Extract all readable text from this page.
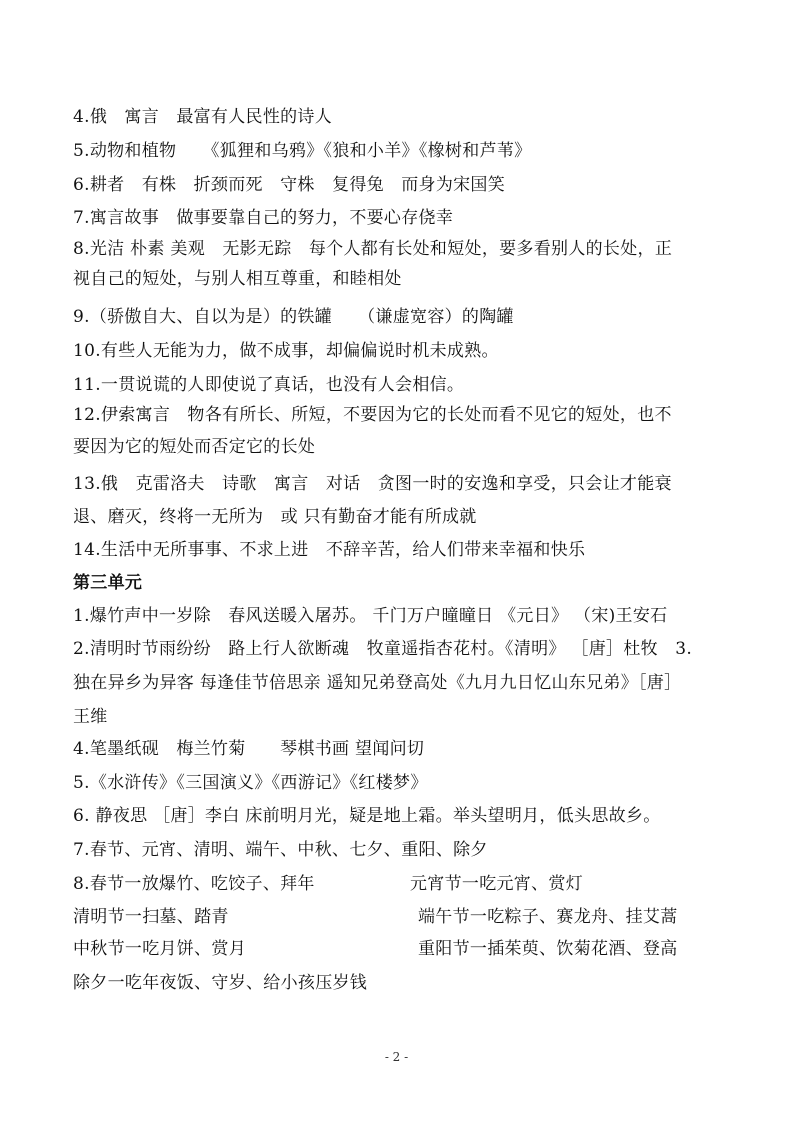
4.俄　寓言　最富有人民性的诗人
5.动物和植物　　《狐狸和乌鸦》《狼和小羊》《橡树和芦苇》
6.耕者　有株　折颈而死　守株　复得兔　而身为宋国笑
7.寓言故事　做事要靠自己的努力，不要心存侥幸
8.光洁 朴素 美观　无影无踪　每个人都有长处和短处，要多看别人的长处，正
视自己的短处，与别人相互尊重，和睦相处
9.（骄傲自大、自以为是）的铁罐　　（谦虚宽容）的陶罐
10.有些人无能为力，做不成事，却偏偏说时机未成熟。
11.一贯说谎的人即使说了真话，也没有人会相信。
12.伊索寓言　物各有所长、所短，不要因为它的长处而看不见它的短处，也不
要因为它的短处而否定它的长处
13.俄　克雷洛夫　诗歌　寓言　对话　贪图一时的安逸和享受，只会让才能衰
退、磨灭，终将一无所为　或 只有勤奋才能有所成就
14.生活中无所事事、不求上进　不辞辛苦，给人们带来幸福和快乐
第三单元
1.爆竹声中一岁除　春风送暖入屠苏。 千门万户曈曈日 《元日》 （宋)王安石
2.清明时节雨纷纷　路上行人欲断魂　牧童遥指杏花村。《清明》 ［唐］杜牧　3.
独在异乡为异客 每逢佳节倍思亲 遥知兄弟登高处《九月九日忆山东兄弟》［唐］
王维
4.笔墨纸砚　梅兰竹菊　　琴棋书画 望闻问切
5.《水浒传》《三国演义》《西游记》《红楼梦》
6. 静夜思 ［唐］李白 床前明月光，疑是地上霜。举头望明月，低头思故乡。
7.春节、元宵、清明、端午、中秋、七夕、重阳、除夕
8.春节一放爆竹、吃饺子、拜年	元宵节一吃元宵、赏灯
清明节一扫墓、踏青	端午节一吃粽子、赛龙舟、挂艾蒿
中秋节一吃月饼、赏月	重阳节一插茱萸、饮菊花酒、登高
除夕一吃年夜饭、守岁、给小孩压岁钱
- 2 -
